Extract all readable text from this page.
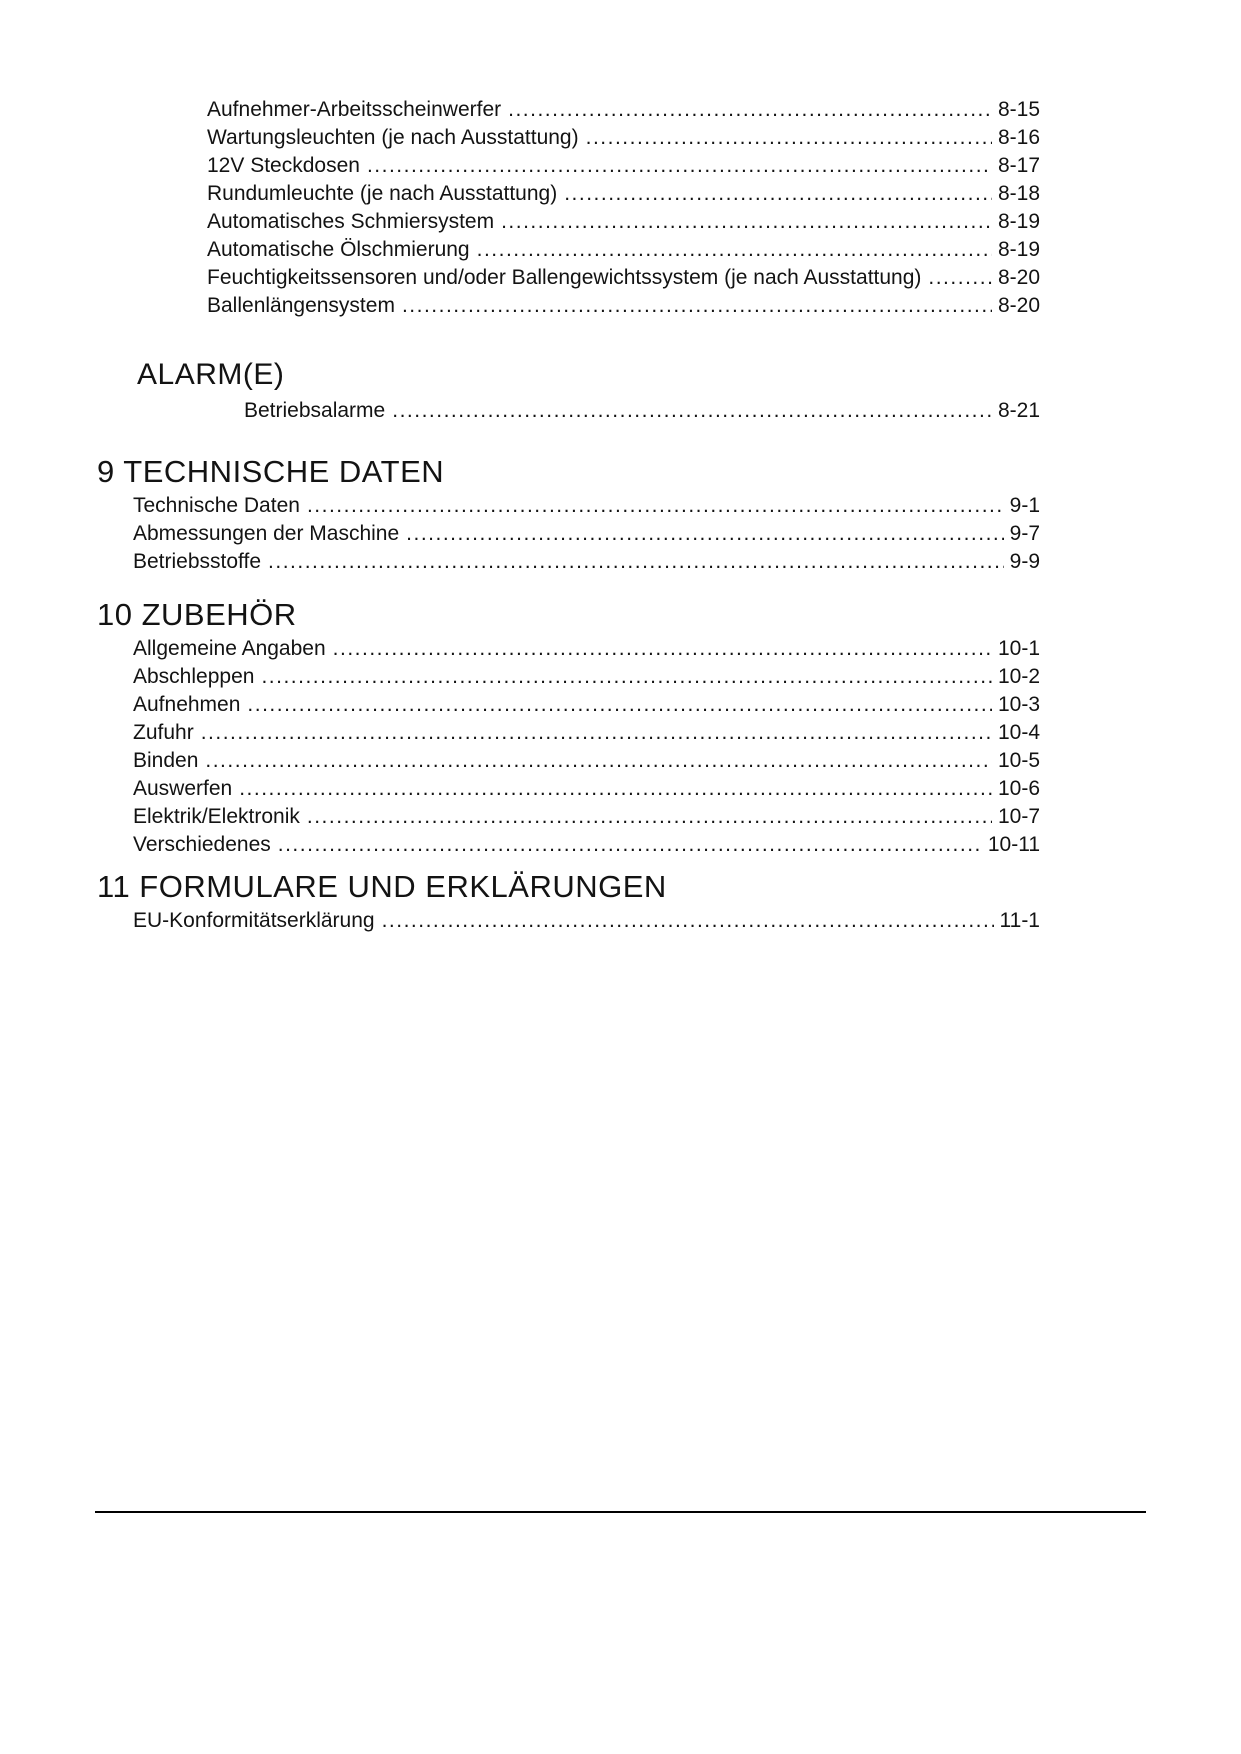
Aufnehmer-Arbeitsscheinwerfer .....	8-15
Wartungsleuchten (je nach Ausstattung) .....	8-16
12V Steckdosen .....	8-17
Rundumleuchte (je nach Ausstattung) .....	8-18
Automatisches Schmiersystem .....	8-19
Automatische Ölschmierung .....	8-19
Feuchtigkeitssensoren und/oder Ballengewichtssystem (je nach Ausstattung) .....	8-20
Ballenlängensystem .....	8-20
ALARM(E)
Betriebsalarme .....	8-21
9 TECHNISCHE DATEN
Technische Daten .....	9-1
Abmessungen der Maschine .....	9-7
Betriebsstoffe .....	9-9
10 ZUBEHÖR
Allgemeine Angaben .....	10-1
Abschleppen .....	10-2
Aufnehmen .....	10-3
Zufuhr .....	10-4
Binden .....	10-5
Auswerfen .....	10-6
Elektrik/Elektronik .....	10-7
Verschiedenes .....	10-11
11 FORMULARE UND ERKLÄRUNGEN
EU-Konformitätserklärung .....	11-1
